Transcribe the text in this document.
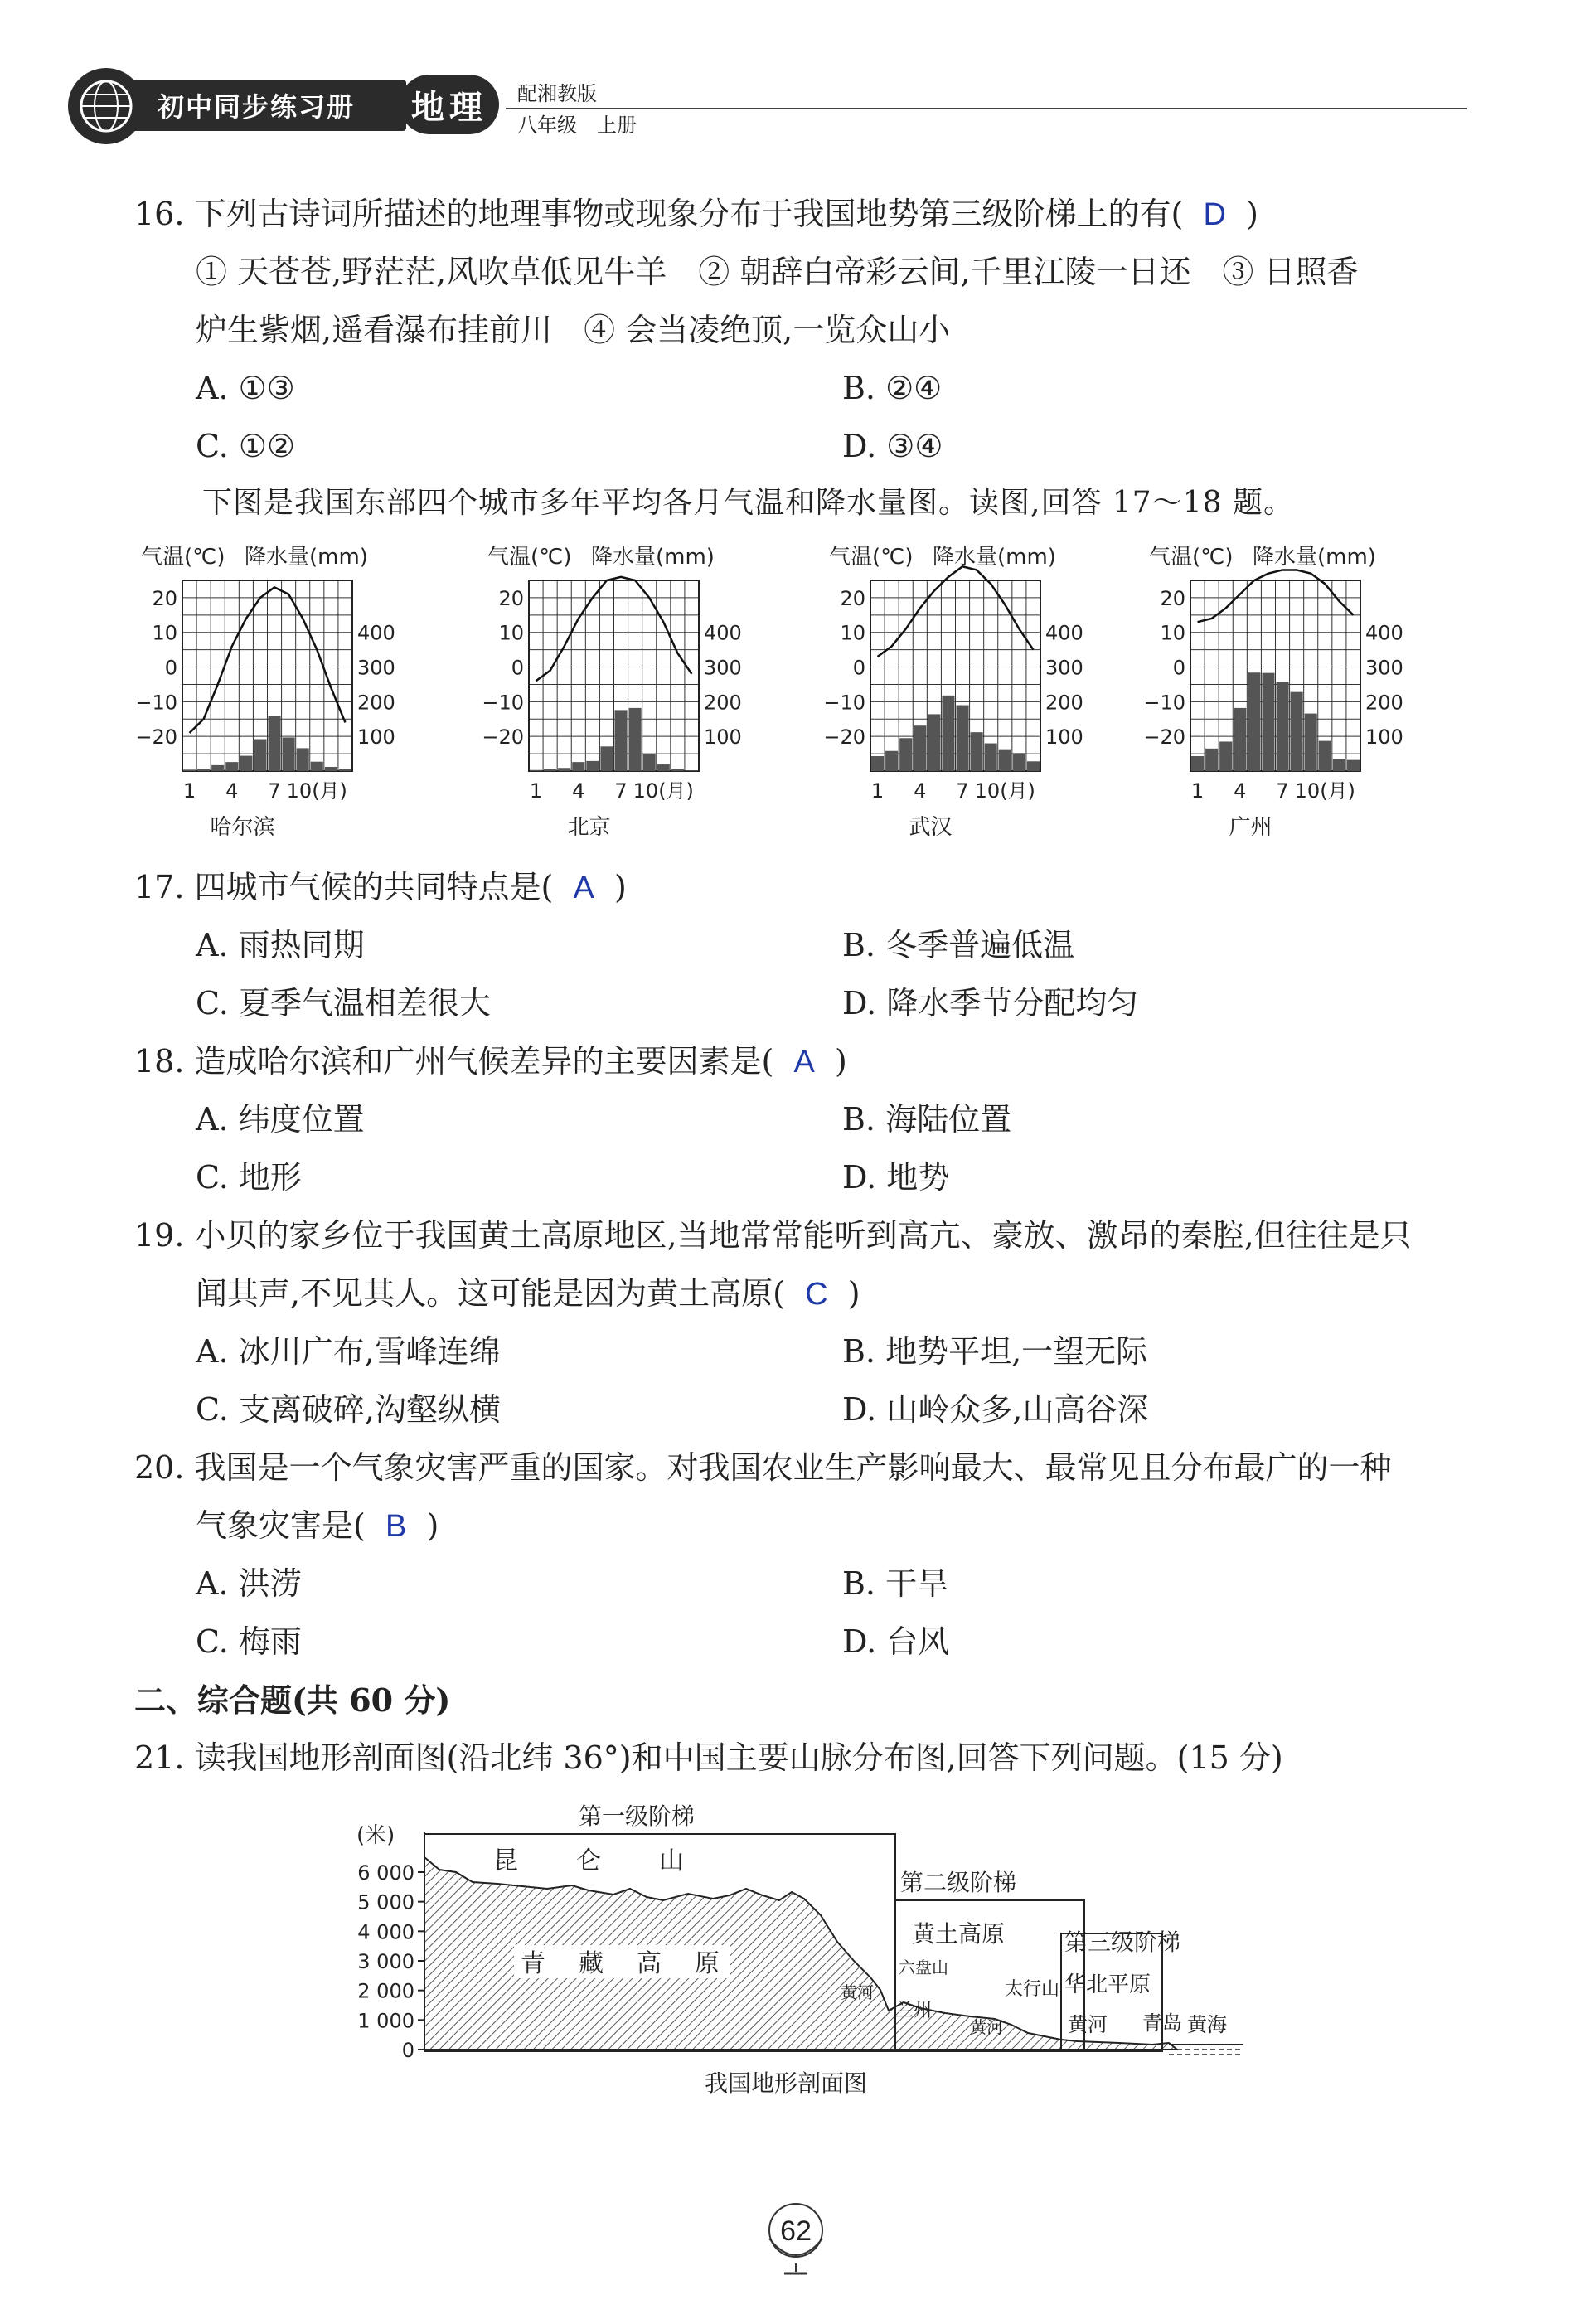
初中同步练习册 地理 配湘教版
八年级　上册
16. 下列古诗词所描述的地理事物或现象分布于我国地势第三级阶梯上的有( D )
① 天苍苍,野茫茫,风吹草低见牛羊　② 朝辞白帝彩云间,千里江陵一日还　③ 日照香
炉生紫烟,遥看瀑布挂前川　④ 会当凌绝顶,一览众山小
A. ①③	B. ②④
C. ①②	D. ③④
下图是我国东部四个城市多年平均各月气温和降水量图。读图,回答 17～18 题。
气温(℃) 降水量(mm)
20
10
0
−10
−20
400
300
200
100
1 4 7 10(月)
哈尔滨
气温(℃) 降水量(mm)
20
10
0
−10
−20
400
300
200
100
1 4 7 10(月)
北京
气温(℃) 降水量(mm)
20
10
0
−10
−20
400
300
200
100
1 4 7 10(月)
武汉
气温(℃) 降水量(mm)
20
10
0
−10
−20
400
300
200
100
1 4 7 10(月)
广州
17. 四城市气候的共同特点是( A )
A. 雨热同期	B. 冬季普遍低温
C. 夏季气温相差很大	D. 降水季节分配均匀
18. 造成哈尔滨和广州气候差异的主要因素是( A )
A. 纬度位置	B. 海陆位置
C. 地形	D. 地势
19. 小贝的家乡位于我国黄土高原地区,当地常常能听到高亢、豪放、激昂的秦腔,但往往是只
闻其声,不见其人。这可能是因为黄土高原( C )
A. 冰川广布,雪峰连绵	B. 地势平坦,一望无际
C. 支离破碎,沟壑纵横	D. 山岭众多,山高谷深
20. 我国是一个气象灾害严重的国家。对我国农业生产影响最大、最常见且分布最广的一种
气象灾害是( B )
A. 洪涝	B. 干旱
C. 梅雨	D. 台风
二、综合题(共 60 分)
21. 读我国地形剖面图(沿北纬 36°)和中国主要山脉分布图,回答下列问题。(15 分)
(米)
6 000
5 000
4 000
3 000
2 000
1 000
0
第一级阶梯
第二级阶梯
第三级阶梯
昆 仑 山
青 藏 高 原
黄土高原
六盘山
太行山 华北平原
黄河
兰州
黄河	黄河 青岛 黄海
我国地形剖面图
62
